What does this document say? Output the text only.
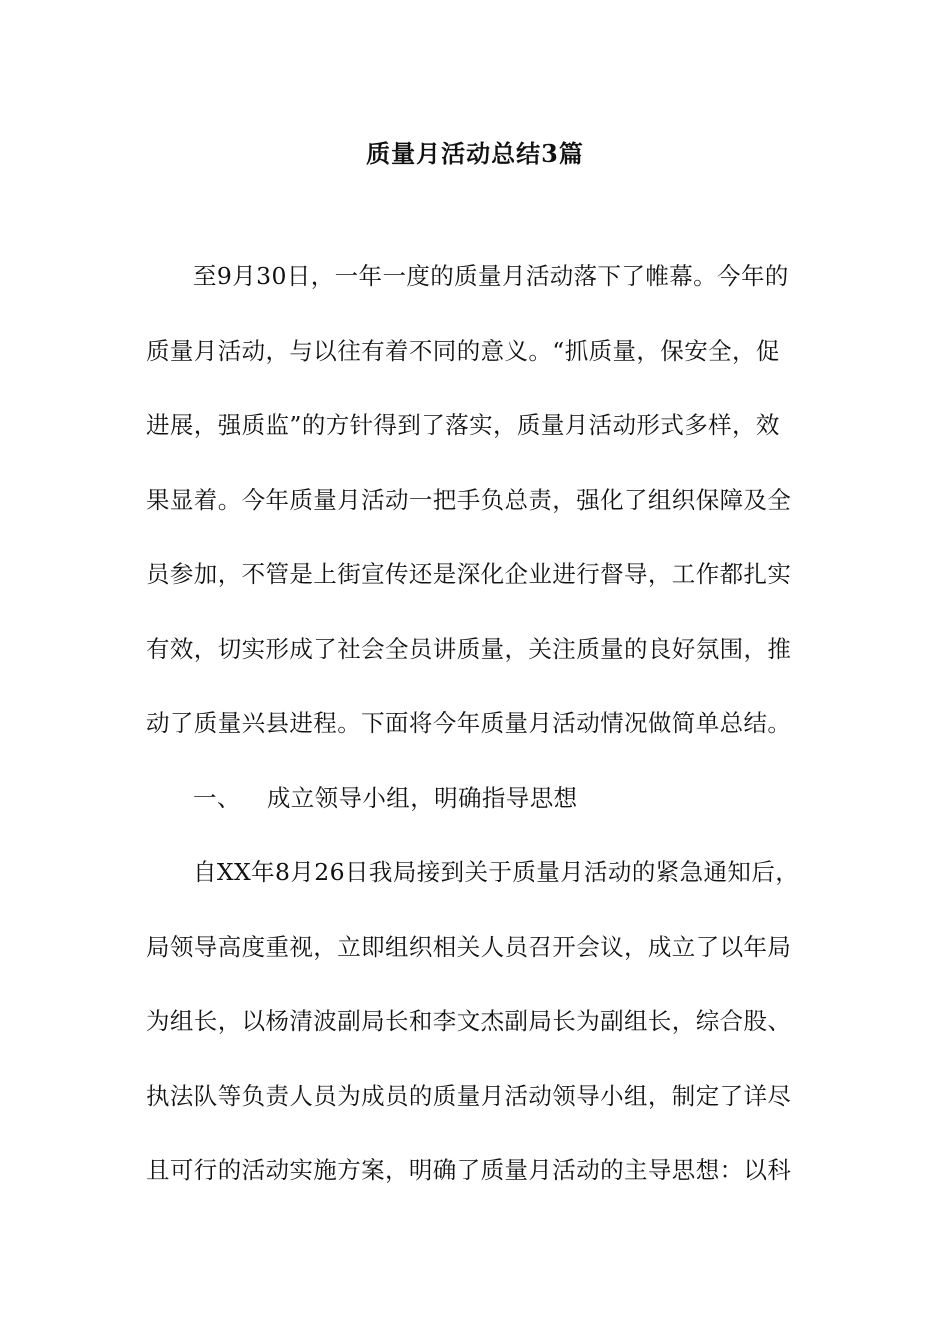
质量月活动总结3篇
至9月30日，一年一度的质量月活动落下了帷幕。今年的
质量月活动，与以往有着不同的意义。“抓质量，保安全，促
进展，强质监”的方针得到了落实，质量月活动形式多样，效
果显着。今年质量月活动一把手负总责，强化了组织保障及全
员参加，不管是上街宣传还是深化企业进行督导，工作都扎实
有效，切实形成了社会全员讲质量，关注质量的良好氛围，推
动了质量兴县进程。下面将今年质量月活动情况做简单总结。
一、 成立领导小组，明确指导思想
自XX年8月26日我局接到关于质量月活动的紧急通知后，
局领导高度重视，立即组织相关人员召开会议，成立了以年局
为组长，以杨清波副局长和李文杰副局长为副组长，综合股、
执法队等负责人员为成员的质量月活动领导小组，制定了详尽
且可行的活动实施方案，明确了质量月活动的主导思想：以科
